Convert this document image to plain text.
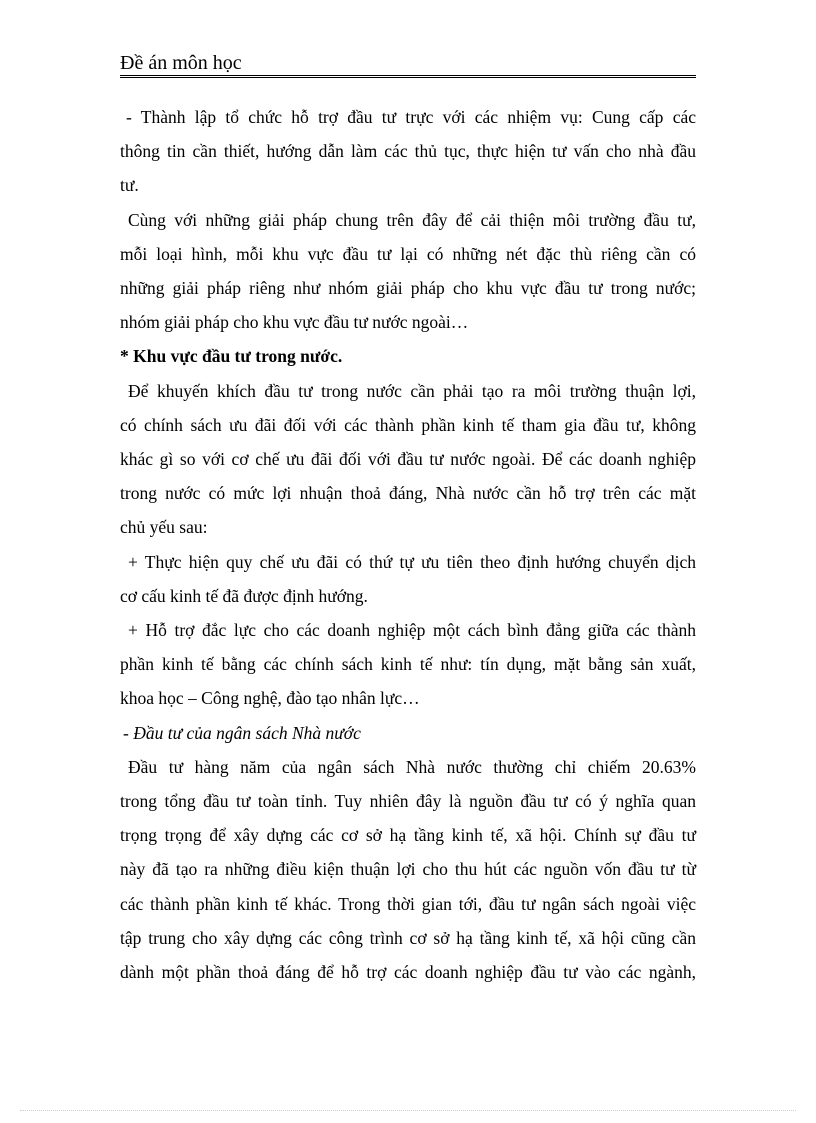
Đề án môn học
- Thành lập tổ chức hỗ trợ đầu tư trực với các nhiệm vụ: Cung cấp các
thông tin cần thiết, hướng dẫn làm các thủ tục, thực hiện tư vấn cho nhà đầu
tư.
Cùng với những giải pháp chung trên đây để cải thiện môi trường đầu tư,
mỗi loại hình, mỗi khu vực đầu tư lại có những nét đặc thù riêng cần có
những giải pháp riêng như nhóm giải pháp cho khu vực đầu tư trong nước;
nhóm giải pháp cho khu vực đầu tư nước ngoài…
* Khu vực đầu tư trong nước.
Để khuyến khích đầu tư trong nước cần phải tạo ra môi trường thuận lợi,
có chính sách ưu đãi đối với các thành phần kinh tế tham gia đầu tư, không
khác gì so với cơ chế ưu đãi đối với đầu tư nước ngoài. Để các doanh nghiệp
trong nước có mức lợi nhuận thoả đáng, Nhà nước cần hỗ trợ trên các mặt
chủ yếu sau:
+ Thực hiện quy chế ưu đãi có thứ tự ưu tiên theo định hướng chuyển dịch
cơ cấu kinh tế đã được định hướng.
+ Hỗ trợ đắc lực cho các doanh nghiệp một cách bình đẳng giữa các thành
phần kinh tế bằng các chính sách kinh tế như: tín dụng, mặt bằng sản xuất,
khoa học – Công nghệ, đào tạo nhân lực…
- Đầu tư của ngân sách Nhà nước
Đầu tư hàng năm của ngân sách Nhà nước thường chỉ chiếm 20.63%
trong tổng đầu tư toàn tỉnh. Tuy nhiên đây là nguồn đầu tư có ý nghĩa quan
trọng trọng để xây dựng các cơ sở hạ tầng kinh tế, xã hội. Chính sự đầu tư
này đã tạo ra những điều kiện thuận lợi cho thu hút các nguồn vốn đầu tư từ
các thành phần kinh tế khác. Trong thời gian tới, đầu tư ngân sách ngoài việc
tập trung cho xây dựng các công trình cơ sở hạ tầng kinh tế, xã hội cũng cần
dành một phần thoả đáng để hỗ trợ các doanh nghiệp đầu tư vào các ngành,
